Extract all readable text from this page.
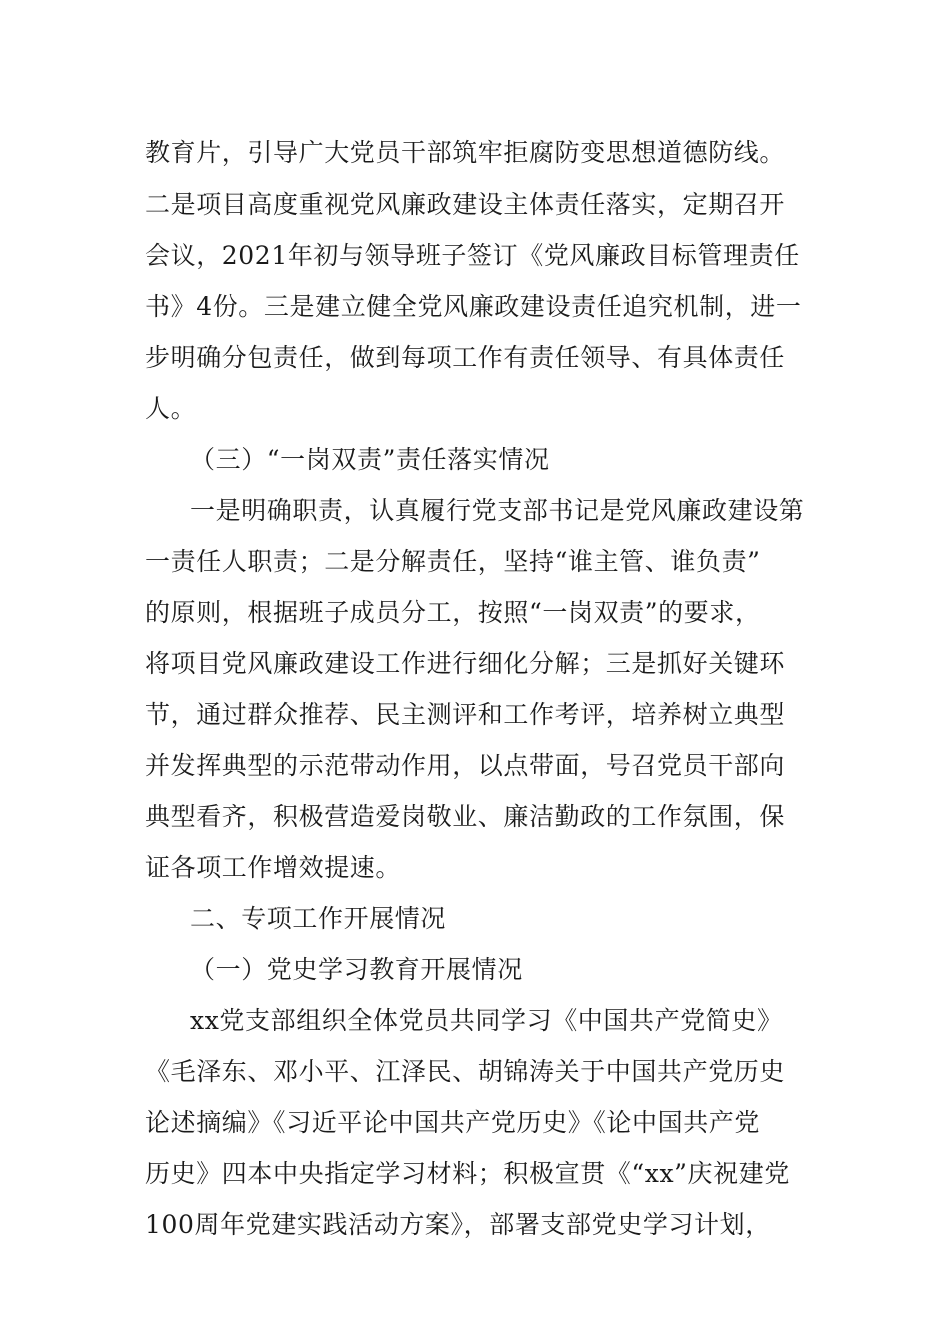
教育片，引导广大党员干部筑牢拒腐防变思想道德防线。
二是项目高度重视党风廉政建设主体责任落实，定期召开
会议，2021年初与领导班子签订《党风廉政目标管理责任
书》4份。三是建立健全党风廉政建设责任追究机制，进一
步明确分包责任，做到每项工作有责任领导、有具体责任
人。
（三）“一岗双责”责任落实情况
一是明确职责，认真履行党支部书记是党风廉政建设第
一责任人职责；二是分解责任，坚持“谁主管、谁负责”
的原则，根据班子成员分工，按照“一岗双责”的要求，
将项目党风廉政建设工作进行细化分解；三是抓好关键环
节，通过群众推荐、民主测评和工作考评，培养树立典型
并发挥典型的示范带动作用，以点带面，号召党员干部向
典型看齐，积极营造爱岗敬业、廉洁勤政的工作氛围，保
证各项工作增效提速。
二、专项工作开展情况
（一）党史学习教育开展情况
xx党支部组织全体党员共同学习《中国共产党简史》
《毛泽东、邓小平、江泽民、胡锦涛关于中国共产党历史
论述摘编》《习近平论中国共产党历史》《论中国共产党
历史》四本中央指定学习材料；积极宣贯《“xx”庆祝建党
100周年党建实践活动方案》，部署支部党史学习计划，
